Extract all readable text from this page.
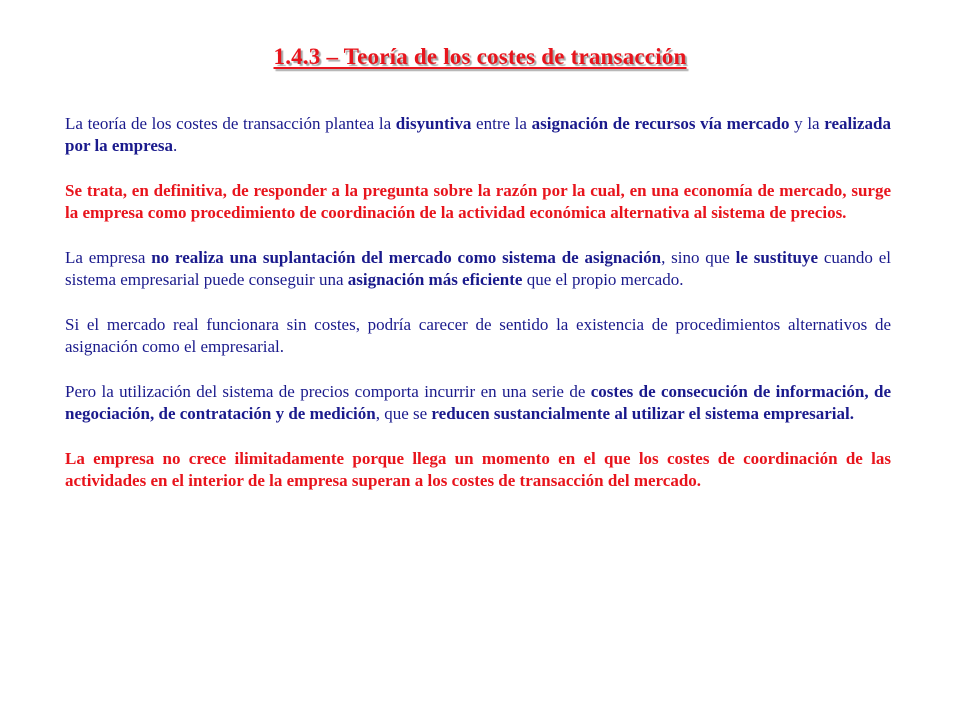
1.4.3 – Teoría de los costes de transacción

La teoría de los costes de transacción plantea la disyuntiva entre la asignación de recursos vía mercado y la realizada por la empresa.

Se trata, en definitiva, de responder a la pregunta sobre la razón por la cual, en una economía de mercado, surge la empresa como procedimiento de coordinación de la actividad económica alternativa al sistema de precios.

La empresa no realiza una suplantación del mercado como sistema de asignación, sino que le sustituye cuando el sistema empresarial puede conseguir una asignación más eficiente que el propio mercado.

Si el mercado real funcionara sin costes, podría carecer de sentido la existencia de procedimientos alternativos de asignación como el empresarial.

Pero la utilización del sistema de precios comporta incurrir en una serie de costes de consecución de información, de negociación, de contratación y de medición, que se reducen sustancialmente al utilizar el sistema empresarial.

La empresa no crece ilimitadamente porque llega un momento en el que los costes de coordinación de las actividades en el interior de la empresa superan a los costes de transacción del mercado.
